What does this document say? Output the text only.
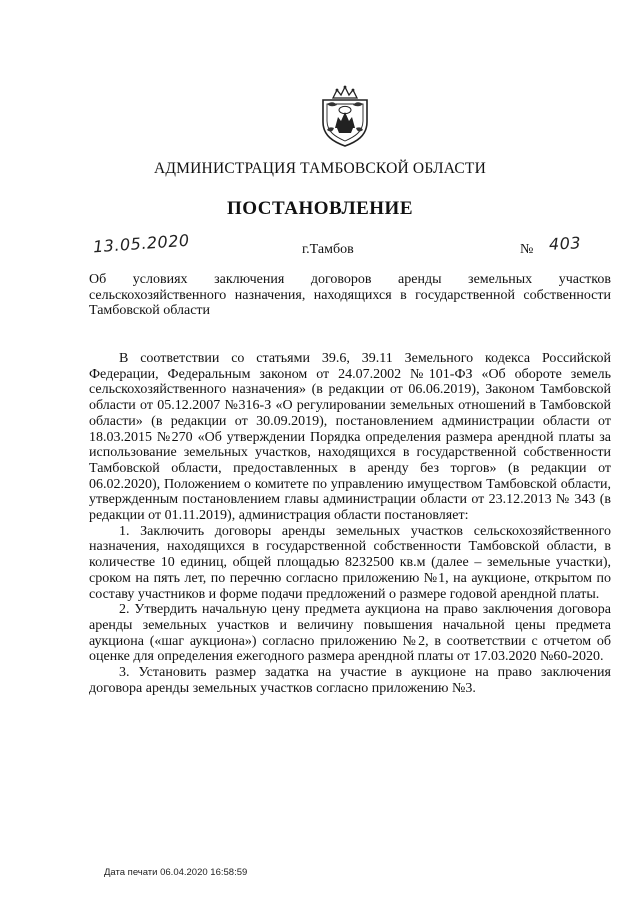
АДМИНИСТРАЦИЯ ТАМБОВСКОЙ ОБЛАСТИ
ПОСТАНОВЛЕНИЕ
13.05.2020	г.Тамбов	№ 403
Об условиях заключения договоров аренды земельных участков сельскохозяйственного назначения, находящихся в государственной собственности Тамбовской области

В соответствии со статьями 39.6, 39.11 Земельного кодекса Российской Федерации, Федеральным законом от 24.07.2002 №101-ФЗ «Об обороте земель сельскохозяйственного назначения» (в редакции от 06.06.2019), Законом Тамбовской области от 05.12.2007 №316-З «О регулировании земельных отношений в Тамбовской области» (в редакции от 30.09.2019), постановлением администрации области от 18.03.2015 №270 «Об утверждении Порядка определения размера арендной платы за использование земельных участков, находящихся в государственной собственности Тамбовской области, предоставленных в аренду без торгов» (в редакции от 06.02.2020), Положением о комитете по управлению имуществом Тамбовской области, утвержденным постановлением главы администрации области от 23.12.2013 № 343 (в редакции от 01.11.2019), администрация области постановляет:

1. Заключить договоры аренды земельных участков сельскохозяйственного назначения, находящихся в государственной собственности Тамбовской области, в количестве 10 единиц, общей площадью 8232500 кв.м (далее – земельные участки), сроком на пять лет, по перечню согласно приложению №1, на аукционе, открытом по составу участников и форме подачи предложений о размере годовой арендной платы.

2. Утвердить начальную цену предмета аукциона на право заключения договора аренды земельных участков и величину повышения начальной цены предмета аукциона («шаг аукциона») согласно приложению №2, в соответствии с отчетом об оценке для определения ежегодного размера арендной платы от 17.03.2020 №60-2020.

3. Установить размер задатка на участие в аукционе на право заключения договора аренды земельных участков согласно приложению №3.

Дата печати 06.04.2020 16:58:59
